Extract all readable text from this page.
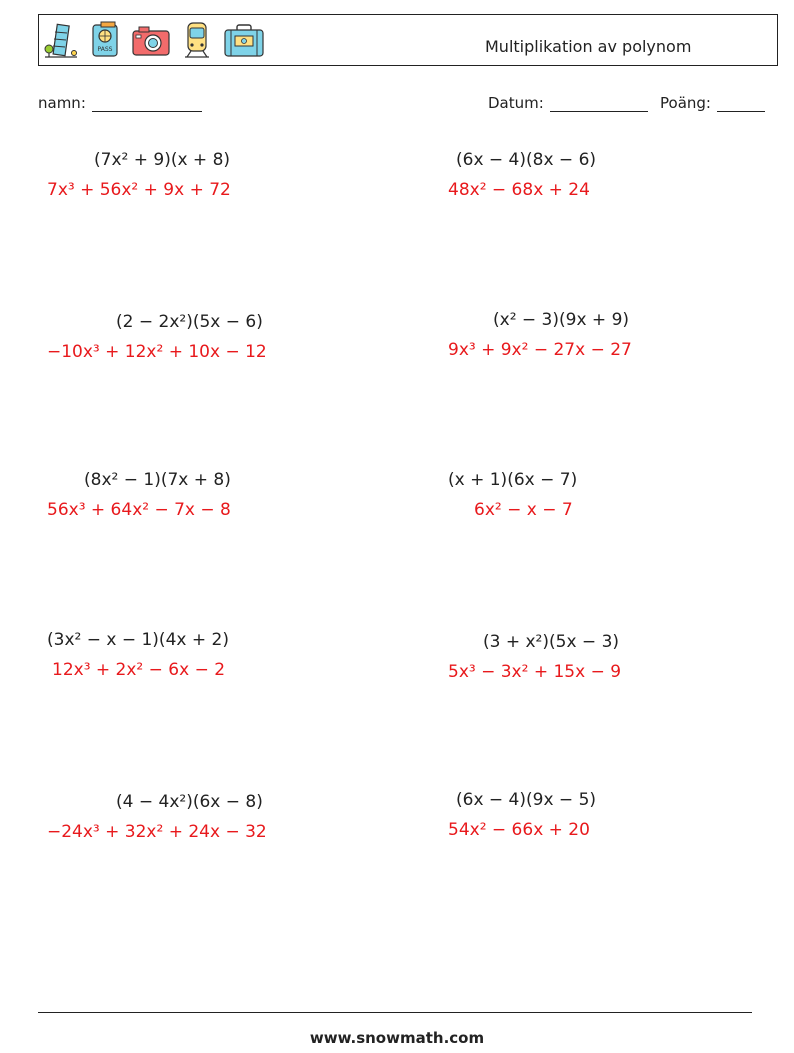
PASS	Multiplikation av polynom
namn:	Datum:	Poäng:
(7x² + 9)(x + 8)
7x³ + 56x² + 9x + 72
(6x − 4)(8x − 6)
48x² − 68x + 24
(2 − 2x²)(5x − 6)
−10x³ + 12x² + 10x − 12
(x² − 3)(9x + 9)
9x³ + 9x² − 27x − 27
(8x² − 1)(7x + 8)
56x³ + 64x² − 7x − 8
(x + 1)(6x − 7)
6x² − x − 7
(3x² − x − 1)(4x + 2)
12x³ + 2x² − 6x − 2
(3 + x²)(5x − 3)
5x³ − 3x² + 15x − 9
(4 − 4x²)(6x − 8)
−24x³ + 32x² + 24x − 32
(6x − 4)(9x − 5)
54x² − 66x + 20
www.snowmath.com
